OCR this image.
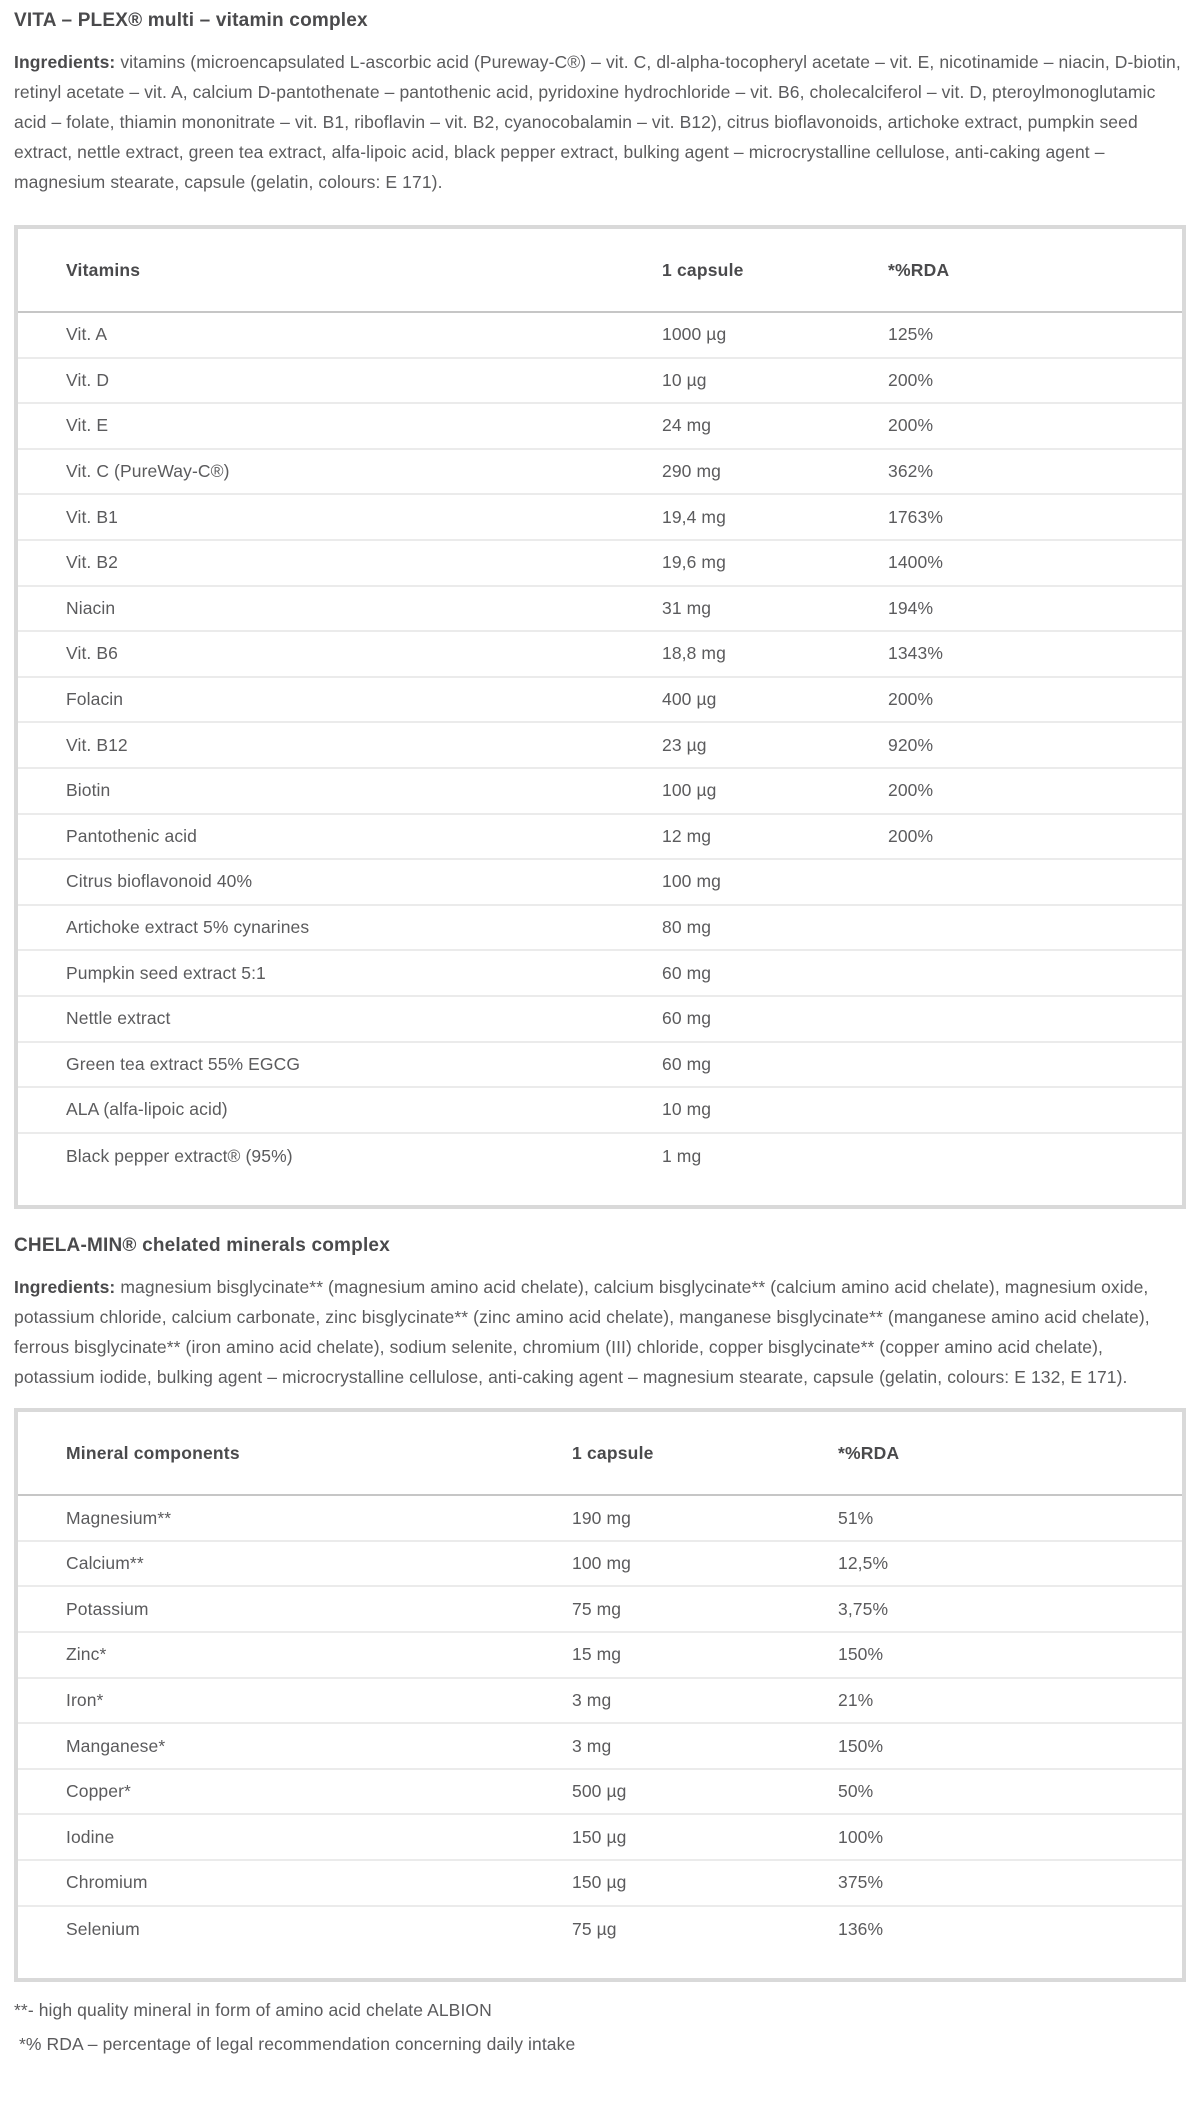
VITA – PLEX® multi – vitamin complex
Ingredients: vitamins (microencapsulated L-ascorbic acid (Pureway-C®) – vit. C, dl-alpha-tocopheryl acetate – vit. E, nicotinamide – niacin, D-biotin, retinyl acetate – vit. A, calcium D-pantothenate – pantothenic acid, pyridoxine hydrochloride – vit. B6, cholecalciferol – vit. D, pteroylmonoglutamic acid – folate, thiamin mononitrate – vit. B1, riboflavin – vit. B2, cyanocobalamin – vit. B12), citrus bioflavonoids, artichoke extract, pumpkin seed extract, nettle extract, green tea extract, alfa-lipoic acid, black pepper extract, bulking agent – microcrystalline cellulose, anti-caking agent – magnesium stearate, capsule (gelatin, colours: E 171).
Vitamins	1 capsule	*%RDA
Vit. A	1000 µg	125%
Vit. D	10 µg	200%
Vit. E	24 mg	200%
Vit. C (PureWay-C®)	290 mg	362%
Vit. B1	19,4 mg	1763%
Vit. B2	19,6 mg	1400%
Niacin	31 mg	194%
Vit. B6	18,8 mg	1343%
Folacin	400 µg	200%
Vit. B12	23 µg	920%
Biotin	100 µg	200%
Pantothenic acid	12 mg	200%
Citrus bioflavonoid 40%	100 mg
Artichoke extract 5% cynarines	80 mg
Pumpkin seed extract 5:1	60 mg
Nettle extract	60 mg
Green tea extract 55% EGCG	60 mg
ALA (alfa-lipoic acid)	10 mg
Black pepper extract® (95%)	1 mg
CHELA-MIN® chelated minerals complex
Ingredients: magnesium bisglycinate** (magnesium amino acid chelate), calcium bisglycinate** (calcium amino acid chelate), magnesium oxide, potassium chloride, calcium carbonate, zinc bisglycinate** (zinc amino acid chelate), manganese bisglycinate** (manganese amino acid chelate), ferrous bisglycinate** (iron amino acid chelate), sodium selenite, chromium (III) chloride, copper bisglycinate** (copper amino acid chelate), potassium iodide, bulking agent – microcrystalline cellulose, anti-caking agent – magnesium stearate, capsule (gelatin, colours: E 132, E 171).
Mineral components	1 capsule	*%RDA
Magnesium**	190 mg	51%
Calcium**	100 mg	12,5%
Potassium	75 mg	3,75%
Zinc*	15 mg	150%
Iron*	3 mg	21%
Manganese*	3 mg	150%
Copper*	500 µg	50%
Iodine	150 µg	100%
Chromium	150 µg	375%
Selenium	75 µg	136%
**- high quality mineral in form of amino acid chelate ALBION
*% RDA – percentage of legal recommendation concerning daily intake
